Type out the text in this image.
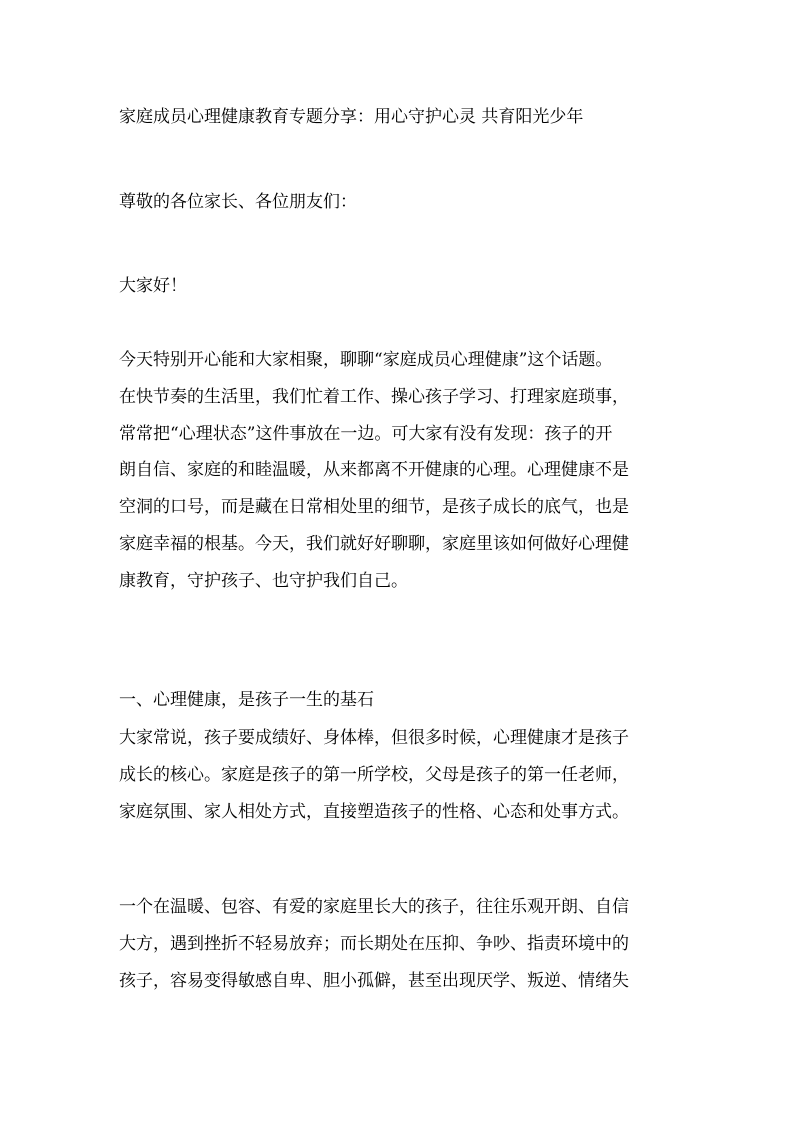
家庭成员心理健康教育专题分享：用心守护心灵 共育阳光少年
尊敬的各位家长、各位朋友们：
大家好！
今天特别开心能和大家相聚，聊聊“家庭成员心理健康”这个话题。
在快节奏的生活里，我们忙着工作、操心孩子学习、打理家庭琐事，
常常把“心理状态”这件事放在一边。可大家有没有发现：孩子的开
朗自信、家庭的和睦温暖，从来都离不开健康的心理。心理健康不是
空洞的口号，而是藏在日常相处里的细节，是孩子成长的底气，也是
家庭幸福的根基。今天，我们就好好聊聊，家庭里该如何做好心理健
康教育，守护孩子、也守护我们自己。
一、心理健康，是孩子一生的基石
大家常说，孩子要成绩好、身体棒，但很多时候，心理健康才是孩子
成长的核心。家庭是孩子的第一所学校，父母是孩子的第一任老师，
家庭氛围、家人相处方式，直接塑造孩子的性格、心态和处事方式。
一个在温暖、包容、有爱的家庭里长大的孩子，往往乐观开朗、自信
大方，遇到挫折不轻易放弃；而长期处在压抑、争吵、指责环境中的
孩子，容易变得敏感自卑、胆小孤僻，甚至出现厌学、叛逆、情绪失
